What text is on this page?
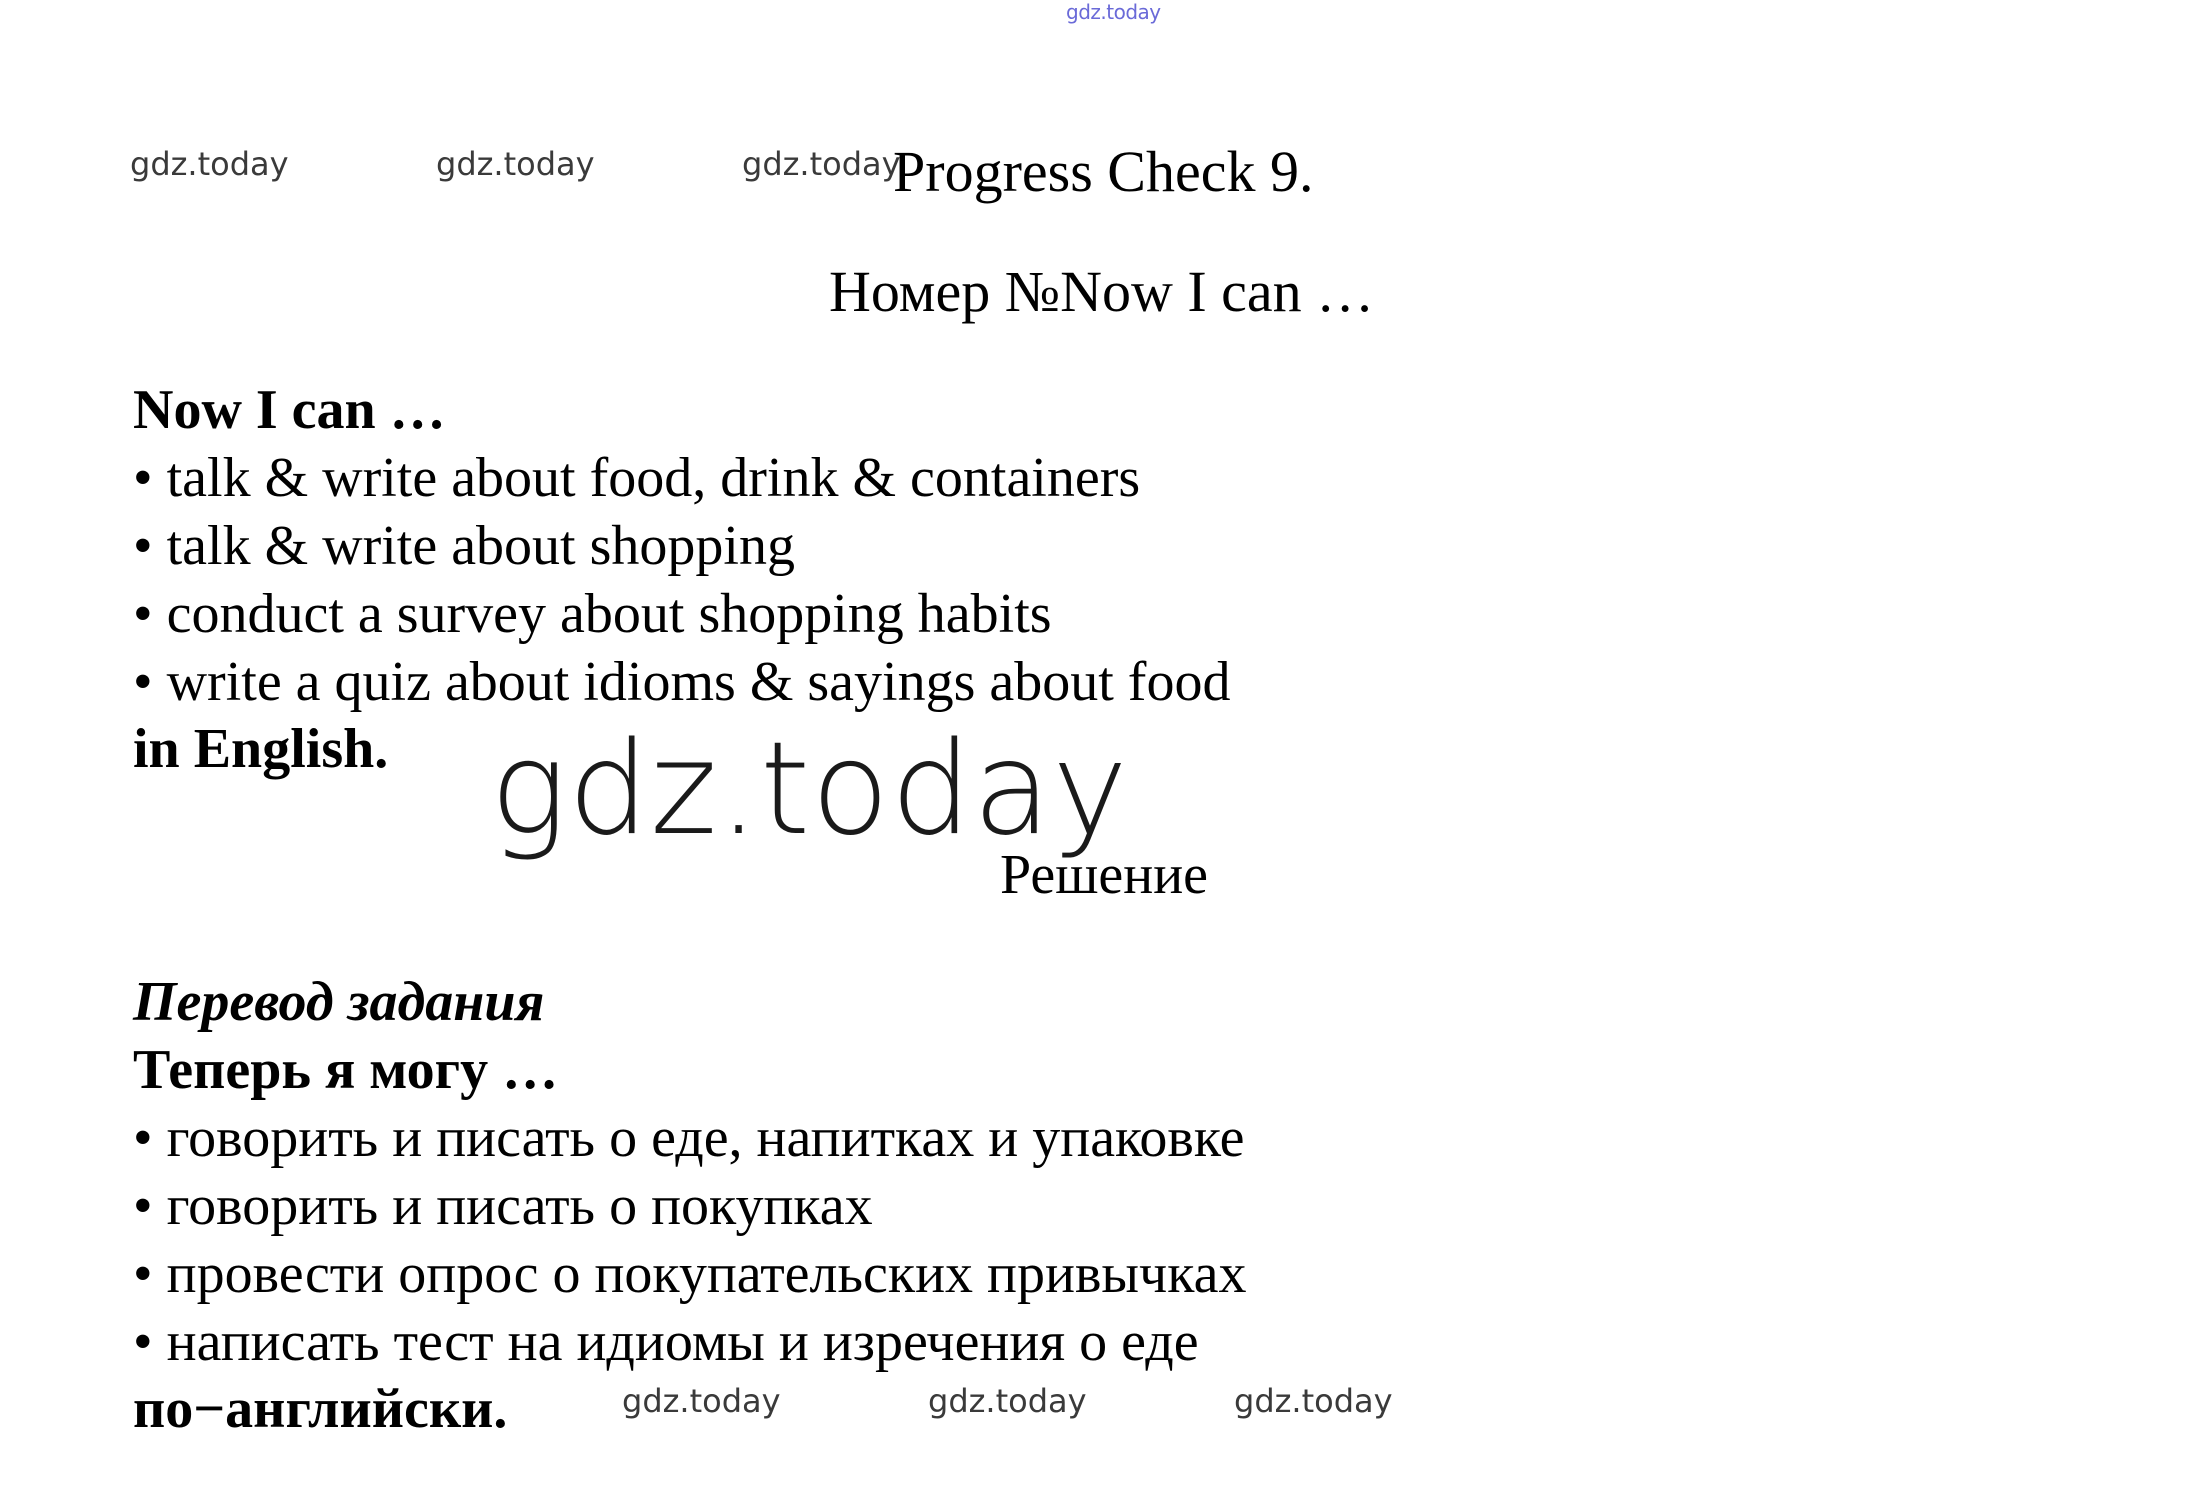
gdz.today
gdz.today	gdz.today	gdz.today
Progress Check 9.
Номер №Now I can …
Now I can …
• talk & write about food, drink & containers
• talk & write about shopping
• conduct a survey about shopping habits
• write a quiz about idioms & sayings about food
in English. gdz.today
Решение
Перевод задания
Теперь я могу …
• говорить и писать о еде, напитках и упаковке
• говорить и писать о покупках
• провести опрос о покупательских привычках
• написать тест на идиомы и изречения о еде
по−английски.	gdz.today	gdz.today	gdz.today
